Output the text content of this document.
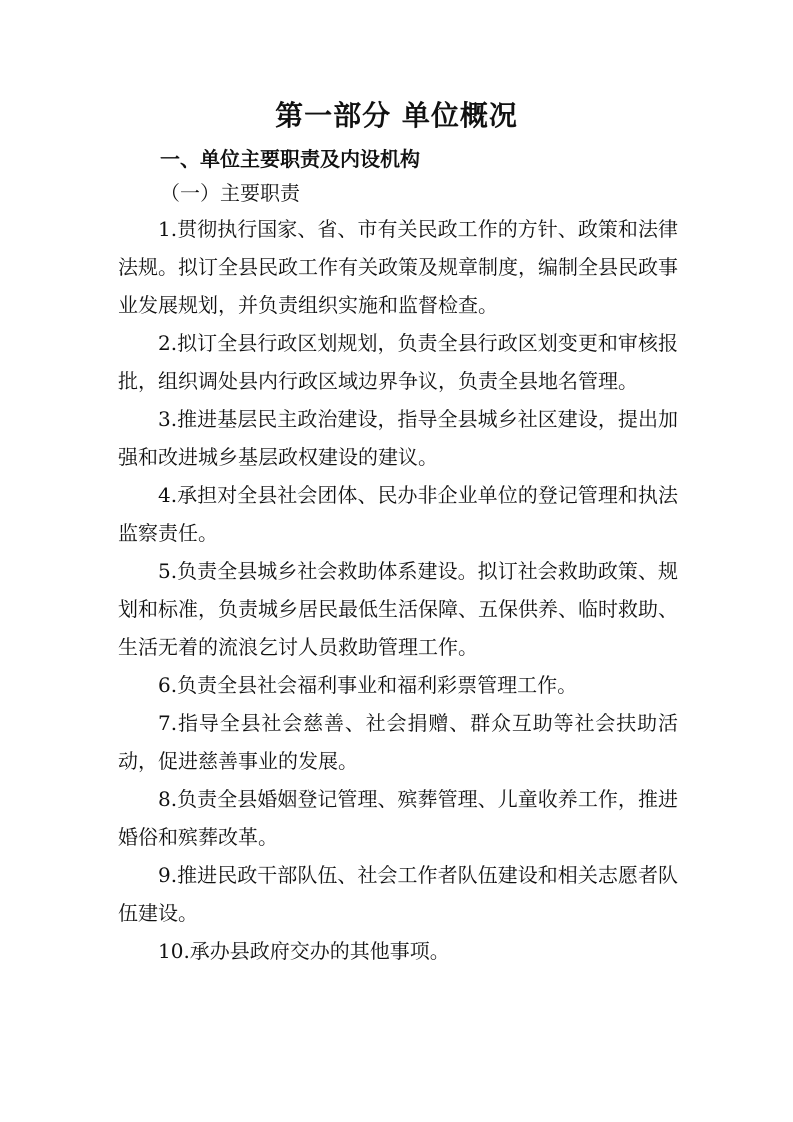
第一部分 单位概况
一、单位主要职责及内设机构
（一）主要职责

1.贯彻执行国家、省、市有关民政工作的方针、政策和法律法规。拟订全县民政工作有关政策及规章制度，编制全县民政事业发展规划，并负责组织实施和监督检查。

2.拟订全县行政区划规划，负责全县行政区划变更和审核报批，组织调处县内行政区域边界争议，负责全县地名管理。

3.推进基层民主政治建设，指导全县城乡社区建设，提出加强和改进城乡基层政权建设的建议。

4.承担对全县社会团体、民办非企业单位的登记管理和执法监察责任。

5.负责全县城乡社会救助体系建设。拟订社会救助政策、规划和标准，负责城乡居民最低生活保障、五保供养、临时救助、生活无着的流浪乞讨人员救助管理工作。

6.负责全县社会福利事业和福利彩票管理工作。

7.指导全县社会慈善、社会捐赠、群众互助等社会扶助活动，促进慈善事业的发展。

8.负责全县婚姻登记管理、殡葬管理、儿童收养工作，推进婚俗和殡葬改革。

9.推进民政干部队伍、社会工作者队伍建设和相关志愿者队伍建设。

10.承办县政府交办的其他事项。
